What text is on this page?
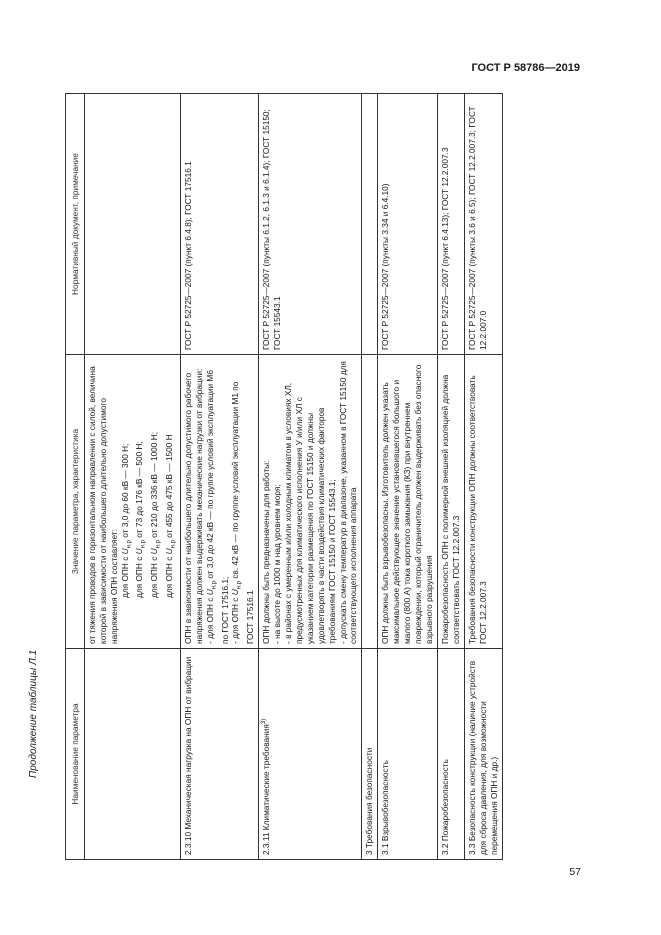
ГОСТ Р 58786—2019
Продолжение таблицы Л.1	Наименование параметра	Значение параметра, характеристика	Нормативный документ, примечание

	от тяжения проводов в горизонтальном направлении с силой, величина которой в зависимости от наибольшего длительно допустимого напряжения ОПН составляет: для ОПН с $U_{н.р}$ от 3,0 до 60 кВ — 300 Н;
для ОПН с $U_{н.р}$ от 73 до 176 кВ — 500 Н;
для ОПН с $U_{н.р}$ от 210 до 336 кВ — 1000 Н;
для ОПН с $U_{н.р}$ от 455 до 475 кВ — 1500 Н	

2.3.10 Механическая нагрузка на ОПН от вибрации	ОПН в зависимости от наибольшего длительно допустимого рабочего напряжения должен выдерживать механические нагрузки от вибрации: - для ОПН с $U_{н.р}$ от 3,0 до 42 кВ — по группе условий эксплуатации М6 по ГОСТ 17516.1; - для ОПН с $U_{н.р}$ св. 42 кВ — по группе условий эксплуатации М1 по ГОСТ 17516.1	ГОСТ Р 52725—2007 (пункт 6.4.8); ГОСТ 17516.1
2.3.11 Климатические требования$^{3)}$	ОПН должны быть предназначены для работы: - на высоте до 1000 м над уровнем моря; - в районах с умеренным и/или холодным климатом в условиях ХЛ, предусмотренных для климатического исполнения У и/или ХЛ с указанием категории размещения по ГОСТ 15150 и должны удовлетворять в части воздействия климатических факторов требованиям ГОСТ 15150 и ГОСТ 15543.1; - допускать смену температур в диапазоне, указанном в ГОСТ 15150 для соответствующего исполнения аппарата	ГОСТ Р 52725—2007 (пункты 6.1.2, 6.1.3 и 6.1.4); ГОСТ 15150; ГОСТ 15543.1
3 Требования безопасности		
3.1 Взрывобезопасность	ОПН должны быть взрывобезопасны. Изготовитель должен указать максимальное действующее значение установившегося большого и малого (800 А) тока короткого замыкания (КЗ) при внутреннем повреждении, который ограничитель должен выдерживать без опасного взрывного разрушения	ГОСТ Р 52725—2007 (пункты 3.34 и 6.4.10)
3.2 Пожаробезопасность	Пожаробезопасность ОПН с полимерной внешней изоляцией должна соответствовать ГОСТ 12.2.007.3	ГОСТ Р 52725—2007 (пункт 6.4.13); ГОСТ 12.2.007.3
3.3 Безопасность конструкции (наличие устройств для сброса давления, для возможности перемещения ОПН и др.)	Требования безопасности конструкции ОПН должны соответствовать ГОСТ 12.2.007.3	ГОСТ Р 52725—2007 (пункты 3.6 и 6.5); ГОСТ 12.2.007.3; ГОСТ 12.2.007.0
57
